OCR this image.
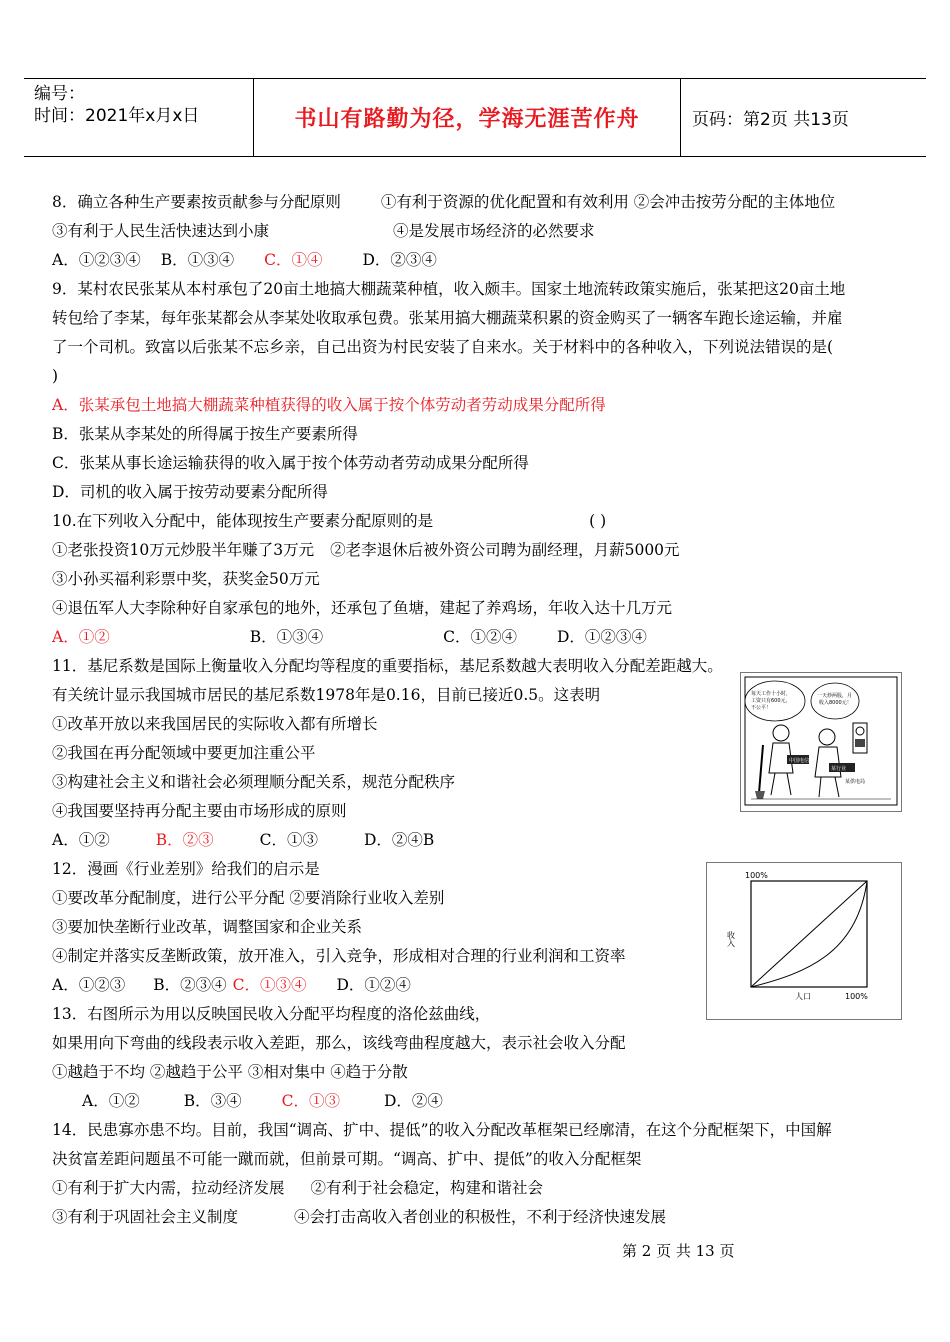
编号：
时间：2021年x月x日	书山有路勤为径，学海无涯苦作舟	页码：第2页 共13页
8．确立各种生产要素按贡献参与分配原则	①有利于资源的优化配置和有效利用 ②会冲击按劳分配的主体地位
③有利于人民生活快速达到小康	④是发展市场经济的必然要求
A．①②③④ B．①③④ C．①④	D．②③④
9．某村农民张某从本村承包了20亩土地搞大棚蔬菜种植，收入颇丰。国家土地流转政策实施后，张某把这20亩土地
转包给了李某，每年张某都会从李某处收取承包费。张某用搞大棚蔬菜积累的资金购买了一辆客车跑长途运输，并雇
了一个司机。致富以后张某不忘乡亲，自己出资为村民安装了自来水。关于材料中的各种收入，下列说法错误的是(
)
A．张某承包土地搞大棚蔬菜种植获得的收入属于按个体劳动者劳动成果分配所得
B．张某从李某处的所得属于按生产要素所得
C．张某从事长途运输获得的收入属于按个体劳动者劳动成果分配所得
D．司机的收入属于按劳动要素分配所得
10.在下列收入分配中，能体现按生产要素分配原则的是	( )
①老张投资10万元炒股半年赚了3万元 ②老李退休后被外资公司聘为副经理，月薪5000元
③小孙买福利彩票中奖，获奖金50万元
④退伍军人大李除种好自家承包的地外，还承包了鱼塘，建起了养鸡场，年收入达十几万元
A．①②	B．①③④	C．①②④	D．①②③④
11．基尼系数是国际上衡量收入分配均等程度的重要指标，基尼系数越大表明收入分配差距越大。
有关统计显示我国城市居民的基尼系数1978年是0.16，目前已接近0.5。这表明
①改革开放以来我国居民的实际收入都有所增长
②我国在再分配领域中要更加注重公平
③构建社会主义和谐社会必须理顺分配关系，规范分配秩序
④我国要坚持再分配主要由市场形成的原则
A．①②	B．②③	C．①③	D．②④B
12．漫画《行业差别》给我们的启示是
①要改革分配制度，进行公平分配 ②要消除行业收入差别
③要加快垄断行业改革，调整国家和企业关系
④制定并落实反垄断政策，放开准入，引入竞争，形成相对合理的行业利润和工资率
A．①②③ B．②③④ C．①③④ D．①②④
13．右图所示为用以反映国民收入分配平均程度的洛伦兹曲线，
如果用向下弯曲的线段表示收入差距，那么，该线弯曲程度越大，表示社会收入分配
①越趋于不均 ②越趋于公平 ③相对集中 ④趋于分散
A．①②	B．③④	C．①③	D．②④
14．民患寡亦患不均。目前，我国“调高、扩中、提低”的收入分配改革框架已经廓清，在这个分配框架下，中国解
决贫富差距问题虽不可能一蹴而就，但前景可期。“调高、扩中、提低”的收入分配框架
①有利于扩大内需，拉动经济发展 ②有利于社会稳定，构建和谐社会
③有利于巩固社会主义制度	④会打击高收入者创业的积极性，不利于经济快速发展
每天工作十小时， 工资只有600元， 不公平！
一天炒两股，月 收入8000元！
中国电信
某行业
某供电局
100%
收入
人口	100%
第 2 页 共 13 页
